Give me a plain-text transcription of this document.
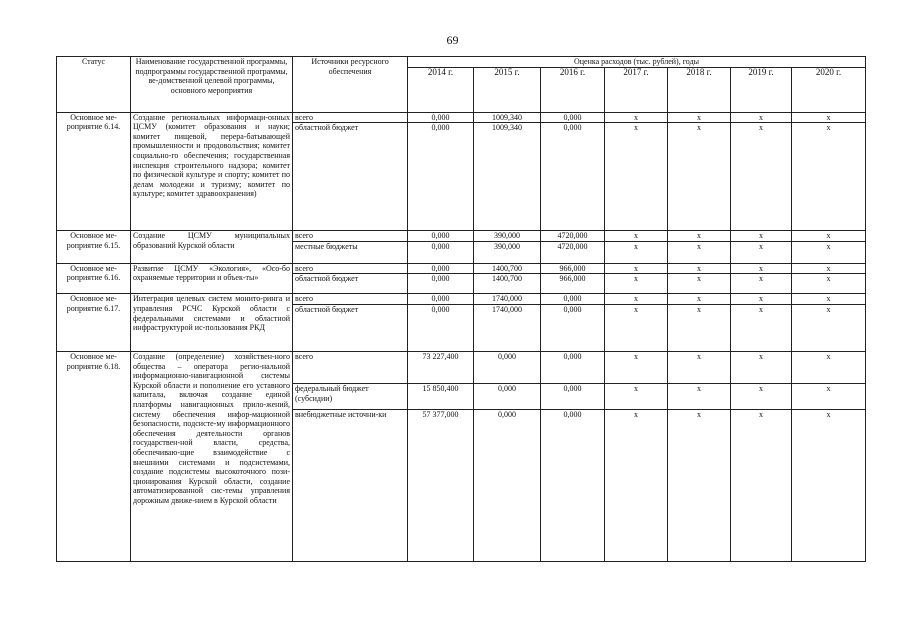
69
Статус	Наименование государственной программы, подпрограммы государственной программы, ве-домственной целевой программы, основного мероприятия	Источники ресурсного обеспечения	Оценка расходов (тыс. рублей), годы						
			2014 г.	2015 г.	2016 г.	2017 г.	2018 г.	2019 г.	2020 г.
Основное ме-роприятие 6.14.	Создание региональных информаци-онных ЦСМУ (комитет образования и науки; комитет пищевой, перера-батывающей промышленности и продовольствия; комитет социально-го обеспечения; государственная инспекция строительного надзора; комитет по физической культуре и спорту; комитет по делам молодежи и туризму; комитет по культуре; комитет здравоохранения)	всего	0,000	1009,340	0,000	x	x	x	x
		областной бюджет	0,000	1009,340	0,000	x	x	x	x
Основное ме-роприятие 6.15.	Создание ЦСМУ муниципальных образований Курской области	всего	0,000	390,000	4720,000	x	x	x	x
		местные бюджеты	0,000	390,000	4720,000	x	x	x	x
Основное ме-роприятие 6.16.	Развитие ЦСМУ «Экология», «Осо-бо охраняемые территории и объек-ты»	всего	0,000	1400,700	966,000	x	x	x	x
		областной бюджет	0,000	1400,700	966,000	x	x	x	x
Основное ме-роприятие 6.17.	Интеграция целевых систем монито-ринга и управления РСЧС Курской области с федеральными системами и областной инфраструктурой ис-пользования РКД	всего	0,000	1740,000	0,000	x	x	x	x
		областной бюджет	0,000	1740,000	0,000	x	x	x	x
Основное ме-роприятие 6.18.	Создание (определение) хозяйствен-ного общества – оператора регио-нальной информационно-навигационной системы Курской области и пополнение его уставного капитала, включая создание единой платформы навигационных прило-жений, систему обеспечения инфор-мационной безопасности, подсисте-му информационного обеспечения деятельности органов государствен-ной власти, средства, обеспечиваю-щие взаимодействие с внешними системами и подсистемами, создание подсистемы высокоточного пози-ционирования Курской области, создание автоматизированной сис-темы управления дорожным движе-нием в Курской области	всего	73 227,400	0,000	0,000	x	x	x	x
		федеральный бюджет (субсидии)	15 850,400	0,000	0,000	x	x	x	x
		внебюджетные источни-ки	57 377,000	0,000	0,000	x	x	x	x
